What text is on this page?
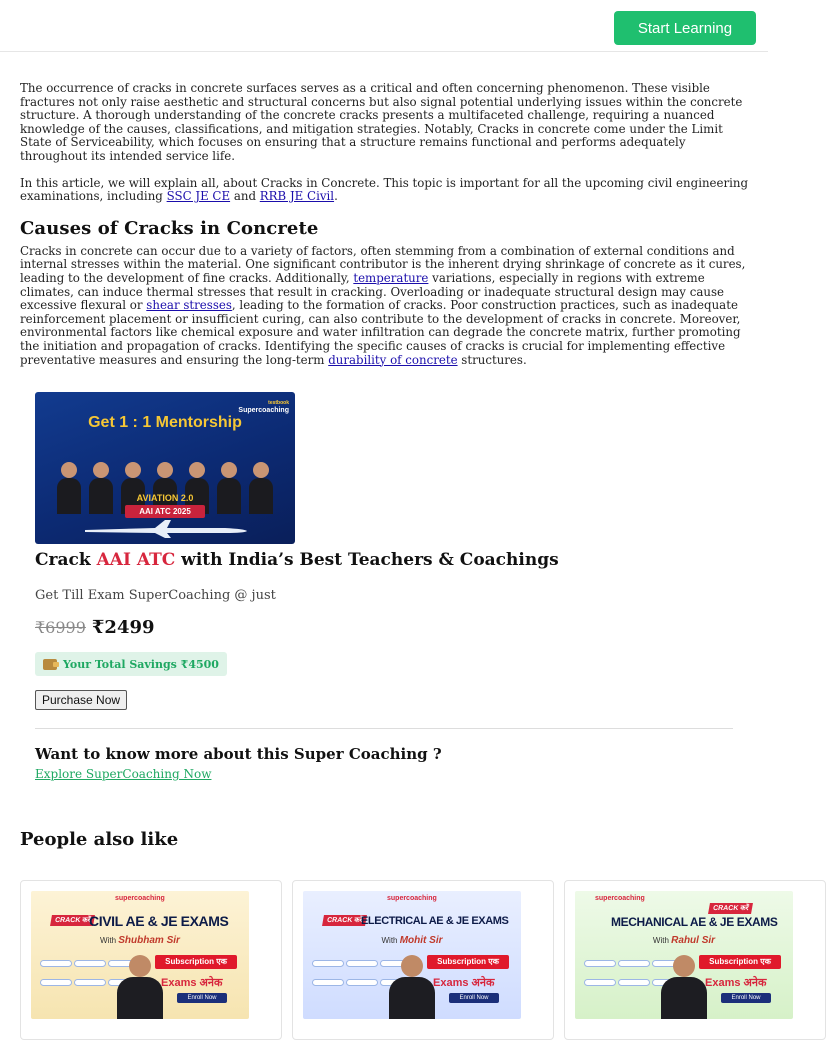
Start Learning

The occurrence of cracks in concrete surfaces serves as a critical and often concerning phenomenon. These visible fractures not only raise aesthetic and structural concerns but also signal potential underlying issues within the concrete structure. A thorough understanding of the concrete cracks presents a multifaceted challenge, requiring a nuanced knowledge of the causes, classifications, and mitigation strategies. Notably, Cracks in concrete come under the Limit State of Serviceability, which focuses on ensuring that a structure remains functional and performs adequately throughout its intended service life.

In this article, we will explain all, about Cracks in Concrete. This topic is important for all the upcoming civil engineering examinations, including SSC JE CE and RRB JE Civil.

Causes of Cracks in Concrete

Cracks in concrete can occur due to a variety of factors, often stemming from a combination of external conditions and internal stresses within the material. One significant contributor is the inherent drying shrinkage of concrete as it cures, leading to the development of fine cracks. Additionally, temperature variations, especially in regions with extreme climates, can induce thermal stresses that result in cracking. Overloading or inadequate structural design may cause excessive flexural or shear stresses, leading to the formation of cracks. Poor construction practices, such as inadequate reinforcement placement or insufficient curing, can also contribute to the development of cracks in concrete. Moreover, environmental factors like chemical exposure and water infiltration can degrade the concrete matrix, further promoting the initiation and propagation of cracks. Identifying the specific causes of cracks is crucial for implementing effective preventative measures and ensuring the long-term durability of concrete structures.

testbook
Supercoaching
Get 1 : 1 Mentorship
AVIATION 2.0
AAI ATC 2025
Crack AAI ATC with India’s Best Teachers & Coachings
Get Till Exam SuperCoaching @ just
₹6999 ₹2499
Your Total Savings ₹4500
Purchase Now
Want to know more about this Super Coaching ?
Explore SuperCoaching Now
People also like
supercoaching
CRACK करें
CIVIL AE & JE EXAMS
With Shubham Sir
Subscription एक
Exams अनेक
Enroll Now
supercoaching
CRACK करें
ELECTRICAL AE & JE EXAMS
With Mohit Sir
Subscription एक
Exams अनेक
Enroll Now
supercoaching
CRACK करें
MECHANICAL AE & JE EXAMS
With Rahul Sir
Subscription एक
Exams अनेक
Enroll Now
